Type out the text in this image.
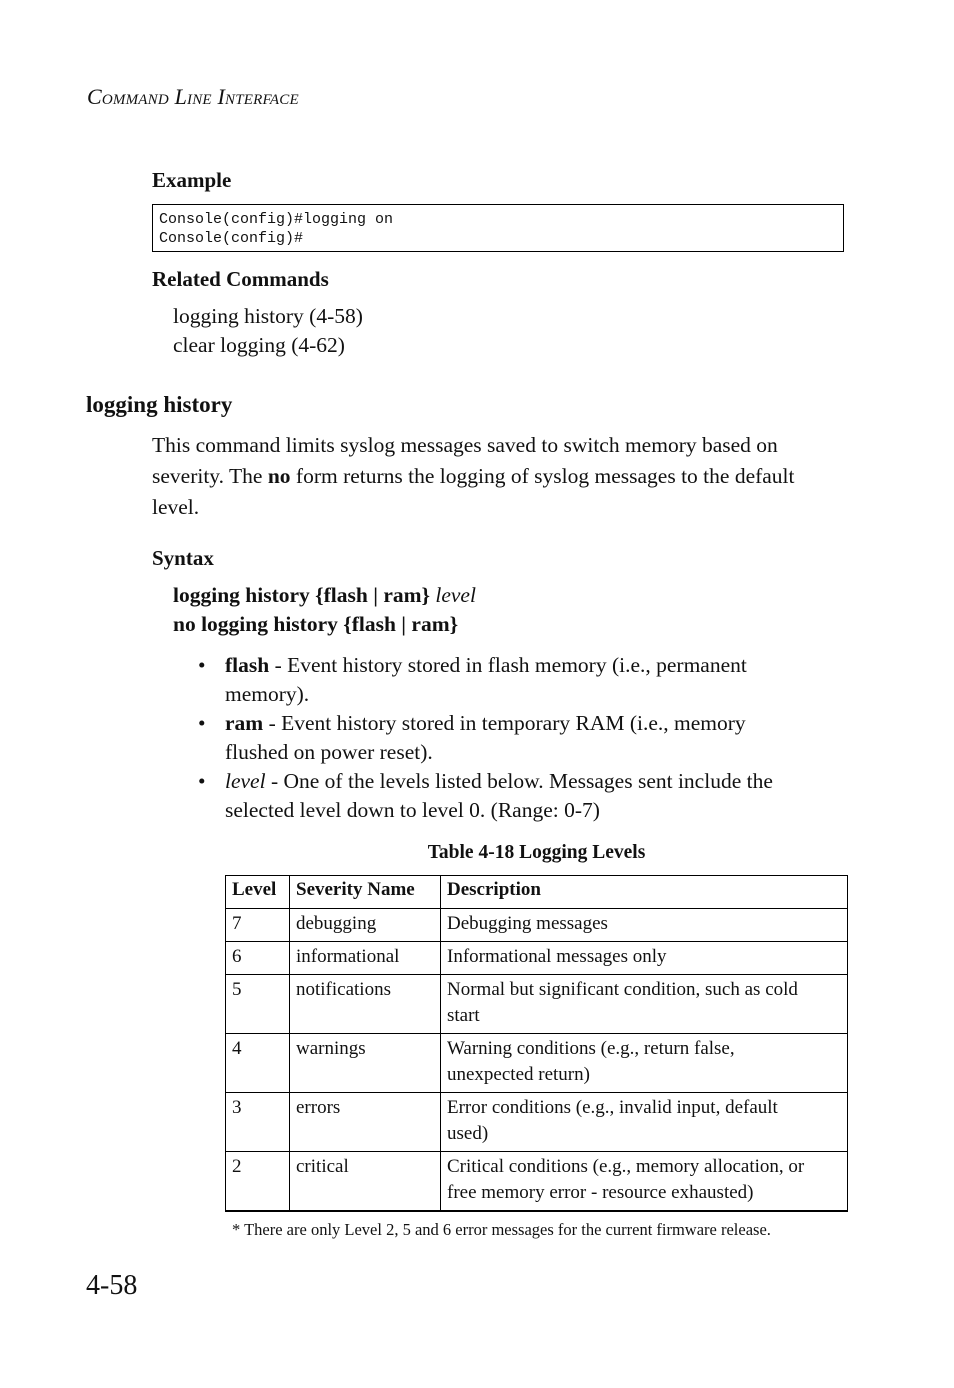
Command Line Interface
Example
Console(config)#logging on
Console(config)#
Related Commands
logging history (4-58)
clear logging (4-62)
logging history
This command limits syslog messages saved to switch memory based on
severity. The no form returns the logging of syslog messages to the default
level.
Syntax
logging history {flash | ram} level
no logging history {flash | ram}
• flash - Event history stored in flash memory (i.e., permanent
memory).
• ram - Event history stored in temporary RAM (i.e., memory
flushed on power reset).
• level - One of the levels listed below. Messages sent include the
selected level down to level 0. (Range: 0-7)
Table 4-18 Logging Levels
Level	Severity Name	Description
7	debugging	Debugging messages

6	informational	Informational messages only

5	notifications	Normal but significant condition, such as cold
start

4	warnings	Warning conditions (e.g., return false,
unexpected return)

3	errors	Error conditions (e.g., invalid input, default
used)

2	critical	Critical conditions (e.g., memory allocation, or
free memory error - resource exhausted)
* There are only Level 2, 5 and 6 error messages for the current firmware release.
4-58
